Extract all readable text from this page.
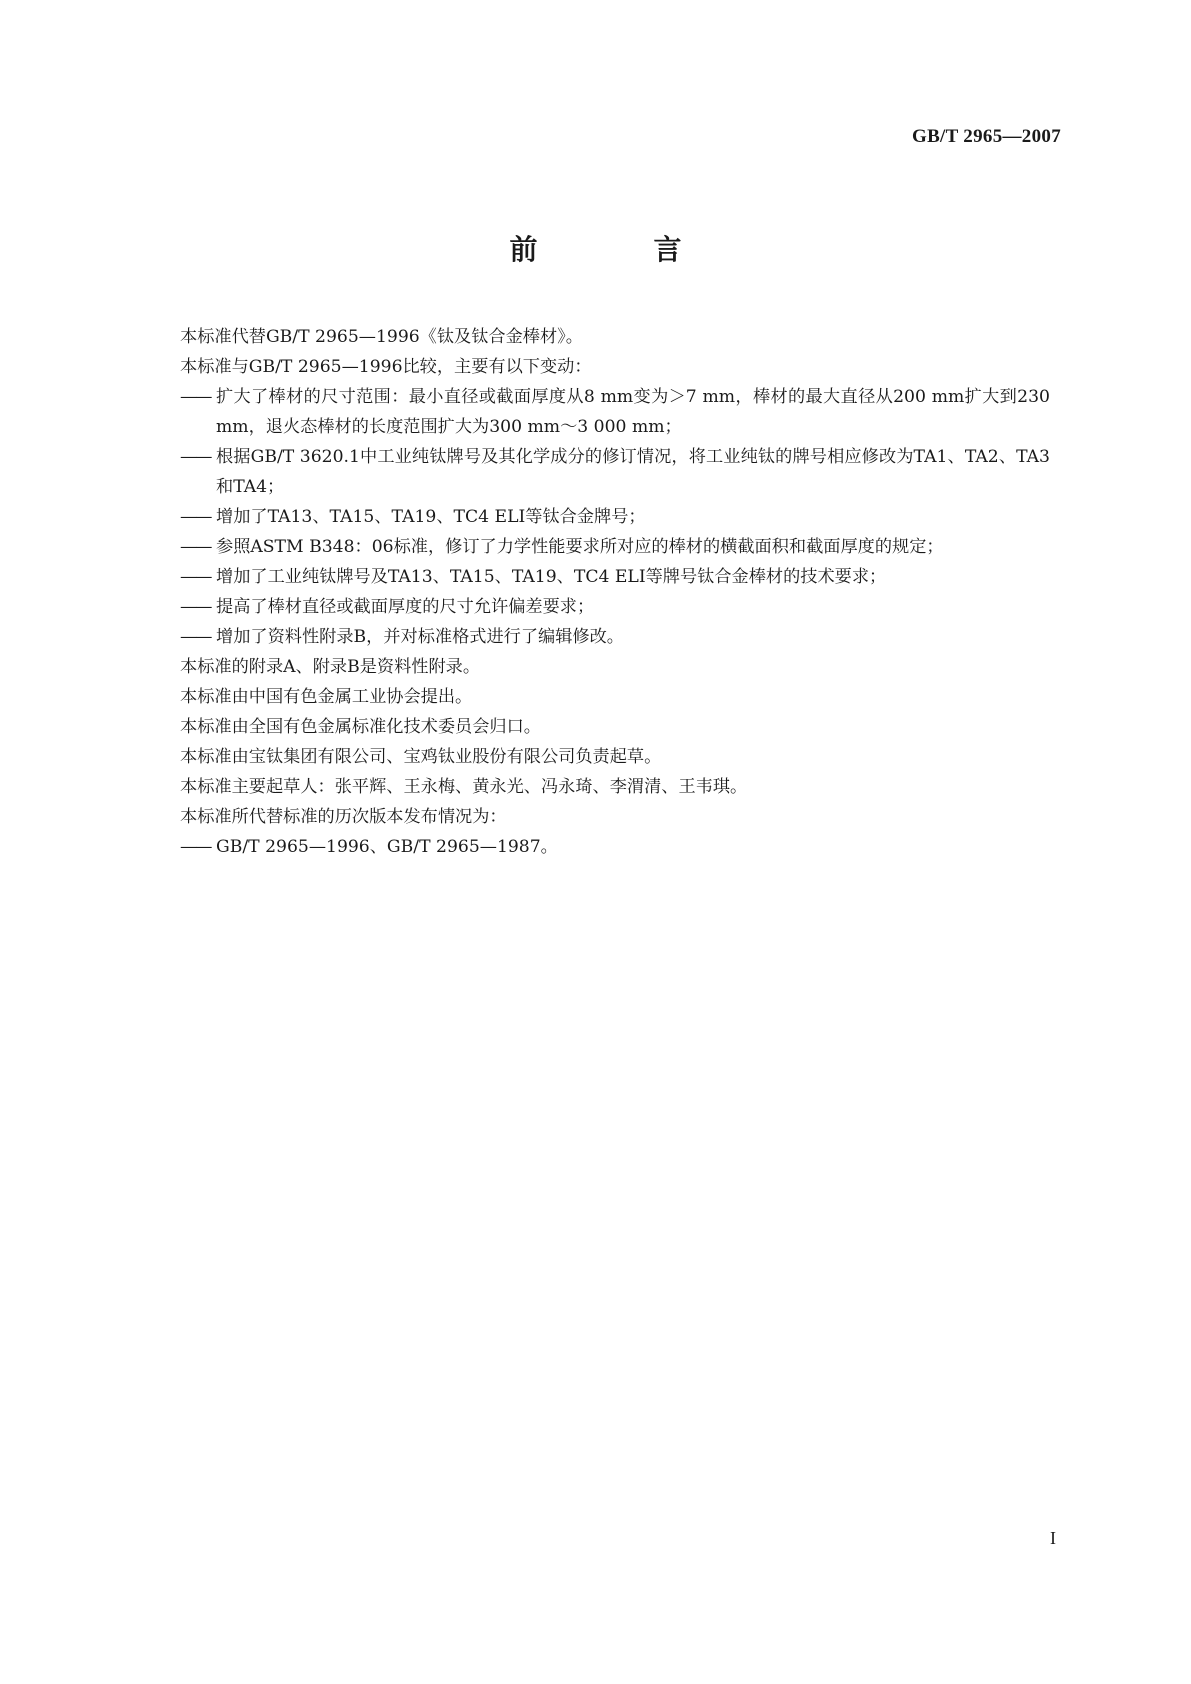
GB/T 2965—2007
前　言

本标准代替GB/T 2965—1996《钛及钛合金棒材》。

本标准与GB/T 2965—1996比较，主要有以下变动：

—— 扩大了棒材的尺寸范围：最小直径或截面厚度从8 mm变为＞7 mm，棒材的最大直径从200 mm扩大到230 mm，退火态棒材的长度范围扩大为300 mm～3 000 mm；
—— 根据GB/T 3620.1中工业纯钛牌号及其化学成分的修订情况，将工业纯钛的牌号相应修改为TA1、TA2、TA3和TA4；
—— 增加了TA13、TA15、TA19、TC4 ELI等钛合金牌号；
—— 参照ASTM B348：06标准，修订了力学性能要求所对应的棒材的横截面积和截面厚度的规定；
—— 增加了工业纯钛牌号及TA13、TA15、TA19、TC4 ELI等牌号钛合金棒材的技术要求；
—— 提高了棒材直径或截面厚度的尺寸允许偏差要求；
—— 增加了资料性附录B，并对标准格式进行了编辑修改。

本标准的附录A、附录B是资料性附录。

本标准由中国有色金属工业协会提出。

本标准由全国有色金属标准化技术委员会归口。

本标准由宝钛集团有限公司、宝鸡钛业股份有限公司负责起草。

本标准主要起草人：张平辉、王永梅、黄永光、冯永琦、李渭清、王韦琪。

本标准所代替标准的历次版本发布情况为：

—— GB/T 2965—1996、GB/T 2965—1987。
I
